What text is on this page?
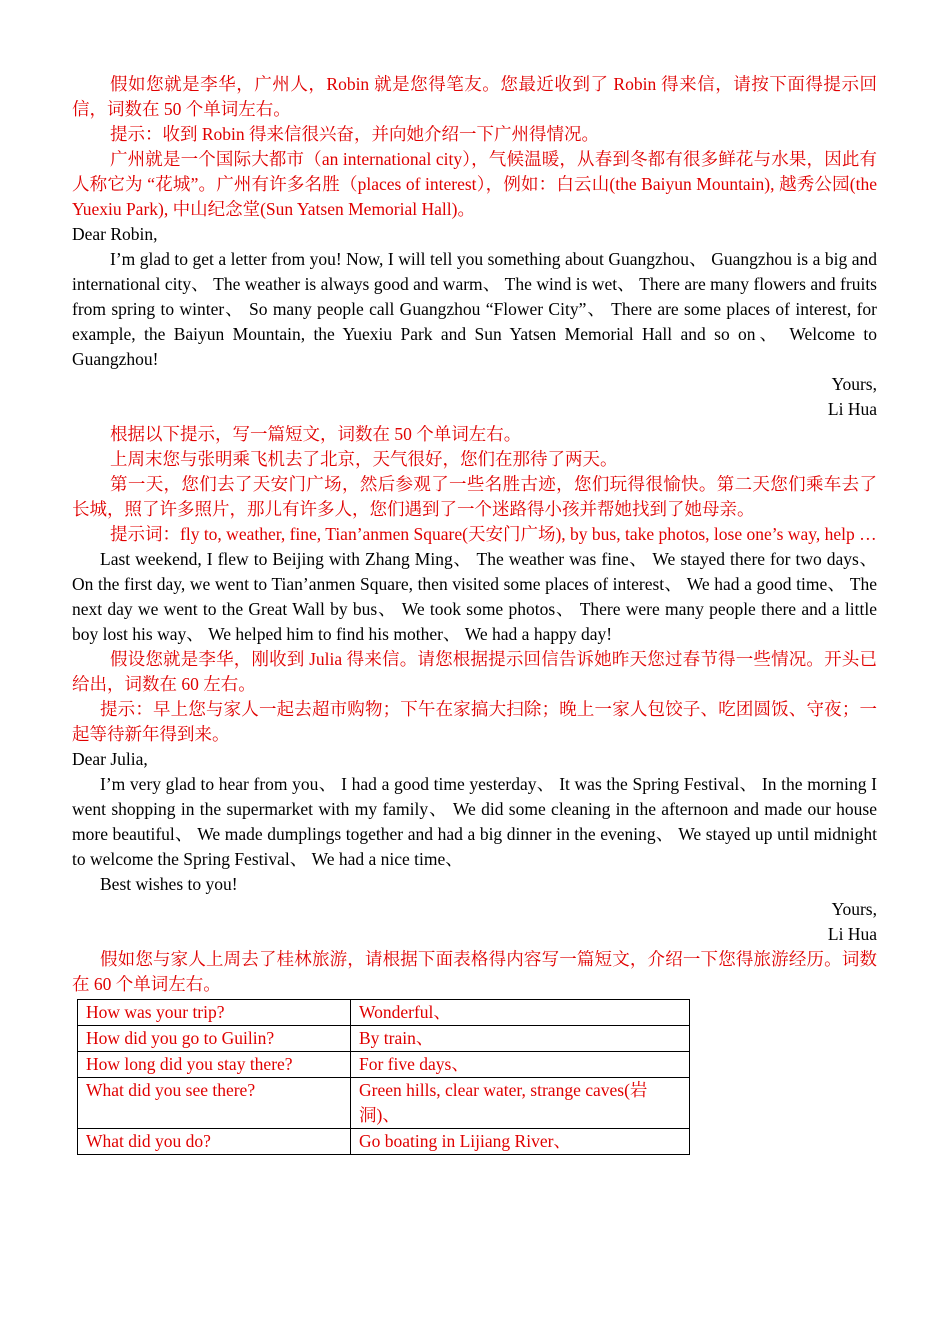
假如您就是李华，广州人，Robin 就是您得笔友。您最近收到了 Robin 得来信，请按下面得提示回信，词数在 50 个单词左右。

提示：收到 Robin 得来信很兴奋，并向她介绍一下广州得情况。

广州就是一个国际大都市（an international city），气候温暖，从春到冬都有很多鲜花与水果，因此有人称它为 “花城”。广州有许多名胜（places of interest），例如：白云山(the Baiyun Mountain), 越秀公园(the Yuexiu Park), 中山纪念堂(Sun Yatsen Memorial Hall)。

Dear Robin,

I’m glad to get a letter from you! Now, I will tell you something about Guangzhou、 Guangzhou is a big and international city、 The weather is always good and warm、 The wind is wet、 There are many flowers and fruits from spring to winter、 So many people call Guangzhou “Flower City”、 There are some places of interest, for example, the Baiyun Mountain, the Yuexiu Park and Sun Yatsen Memorial Hall and so on、 Welcome to Guangzhou!

Yours,

Li Hua

根据以下提示，写一篇短文，词数在 50 个单词左右。

上周末您与张明乘飞机去了北京，天气很好，您们在那待了两天。

第一天，您们去了天安门广场，然后参观了一些名胜古迹，您们玩得很愉快。第二天您们乘车去了长城，照了许多照片，那儿有许多人，您们遇到了一个迷路得小孩并帮她找到了她母亲。

提示词：fly to, weather, fine, Tian’anmen Square(天安门广场), by bus, take photos, lose one’s way, help …

Last weekend, I flew to Beijing with Zhang Ming、 The weather was fine、 We stayed there for two days、 On the first day, we went to Tian’anmen Square, then visited some places of interest、 We had a good time、 The next day we went to the Great Wall by bus、 We took some photos、 There were many people there and a little boy lost his way、 We helped him to find his mother、 We had a happy day!

假设您就是李华，刚收到 Julia 得来信。请您根据提示回信告诉她昨天您过春节得一些情况。开头已给出，词数在 60 左右。

提示：早上您与家人一起去超市购物；下午在家搞大扫除；晚上一家人包饺子、吃团圆饭、守夜；一起等待新年得到来。

Dear Julia,

I’m very glad to hear from you、 I had a good time yesterday、 It was the Spring Festival、 In the morning I went shopping in the supermarket with my family、 We did some cleaning in the afternoon and made our house more beautiful、 We made dumplings together and had a big dinner in the evening、 We stayed up until midnight to welcome the Spring Festival、 We had a nice time、

Best wishes to you!

Yours,

Li Hua

假如您与家人上周去了桂林旅游，请根据下面表格得内容写一篇短文，介绍一下您得旅游经历。词数在 60 个单词左右。

How was your trip?	Wonderful、
How did you go to Guilin?	By train、
How long did you stay there?	For five days、
What did you see there?	Green hills, clear water, strange caves(岩洞)、
What did you do?	Go boating in Lijiang River、
